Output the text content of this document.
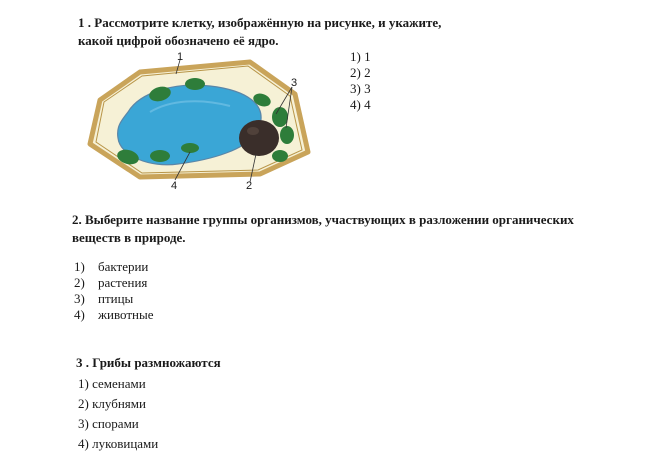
1 . Рассмотрите клетку, изображённую на рисунке, и укажите,
какой цифрой обозначено её ядро.
1
2
3
4
1) 1
2) 2
3) 3
4) 4
2. Выберите название группы организмов, участвующих в разложении органических
веществ в природе.
1)	бактерии
2)	растения
3)	птицы
4)	животные
3 . Грибы размножаются
1) семенами
2) клубнями
3) спорами
4) луковицами
